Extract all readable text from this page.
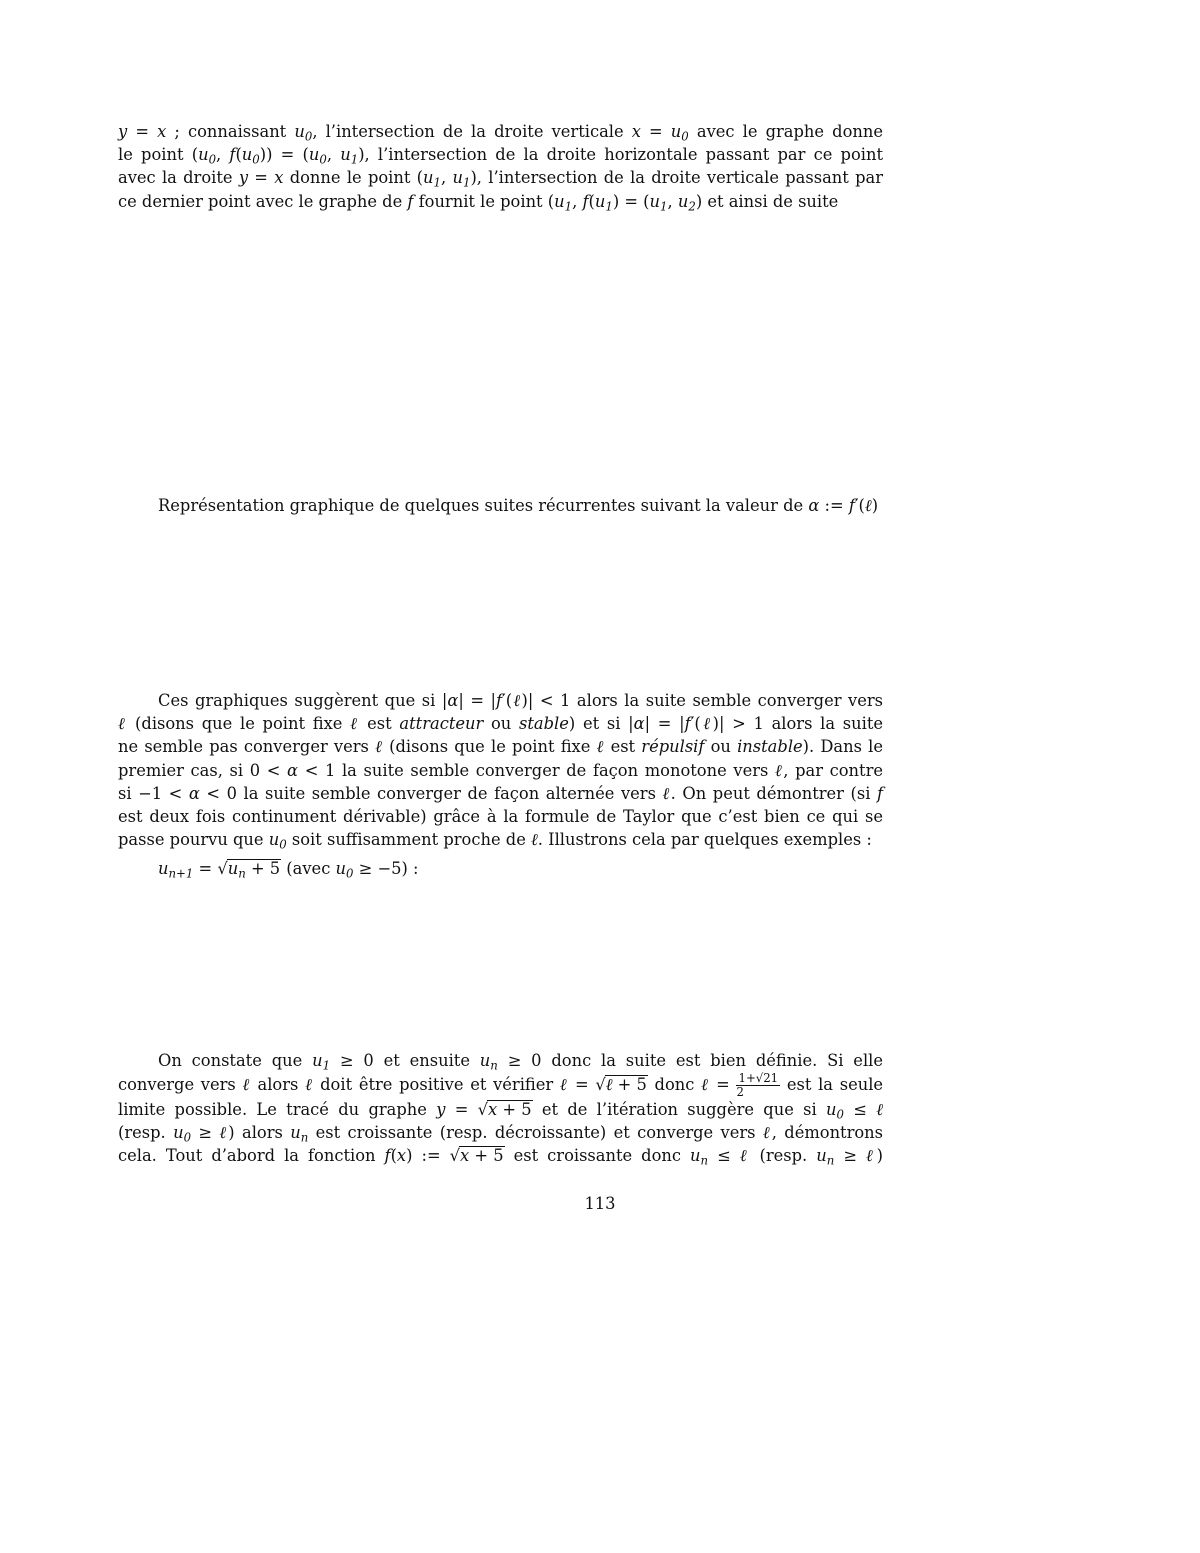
y = x ; connaissant $u_0$, l’intersection de la droite verticale $x = u_0$ avec le graphe donne
le point ($u_0$, $f(u_0)) = (u_0$, $u_1$), l’intersection de la droite horizontale passant par ce point
avec la droite y = x donne le point ($u_1$, $u_1$), l’intersection de la droite verticale passant par
ce dernier point avec le graphe de f fournit le point ($u_1$, $f(u_1) = (u_1$, $u_2$) et ainsi de suite
Représentation graphique de quelques suites récurrentes suivant la valeur de α := f′(ℓ)
Ces graphiques suggèrent que si |α| = |f′(ℓ)| < 1 alors la suite semble converger vers
ℓ (disons que le point fixe ℓ est attracteur ou stable) et si |α| = |f′(ℓ)| > 1 alors la suite
ne semble pas converger vers ℓ (disons que le point fixe ℓ est répulsif ou instable). Dans le
premier cas, si 0 < α < 1 la suite semble converger de façon monotone vers ℓ, par contre
si −1 < α < 0 la suite semble converger de façon alternée vers ℓ. On peut démontrer (si f
est deux fois continument dérivable) grâce à la formule de Taylor que c’est bien ce qui se
passe pourvu que $u_0$ soit suffisamment proche de ℓ. Illustrons cela par quelques exemples :
$u_{n+1} = √u_n + 5$ (avec $u_0 \ge -5$) :
On constate que $u_1 \ge 0$ et ensuite $u_n \ge 0$ donc la suite est bien définie. Si elle
converge vers ℓ alors ℓ doit être positive et vérifier ℓ = √ℓ + 5 donc ℓ = $\frac{1+√21}{2}$ est la seule
limite possible. Le tracé du graphe y = √x + 5 et de l’itération suggère que si $u_0$ ≤ ℓ
(resp. $u_0$ ≥ ℓ) alors $u_n$ est croissante (resp. décroissante) et converge vers ℓ, démontrons
cela. Tout d’abord la fonction f(x) := √x + 5 est croissante donc $u_n$ ≤ ℓ (resp. $u_n$ ≥ ℓ)
113
